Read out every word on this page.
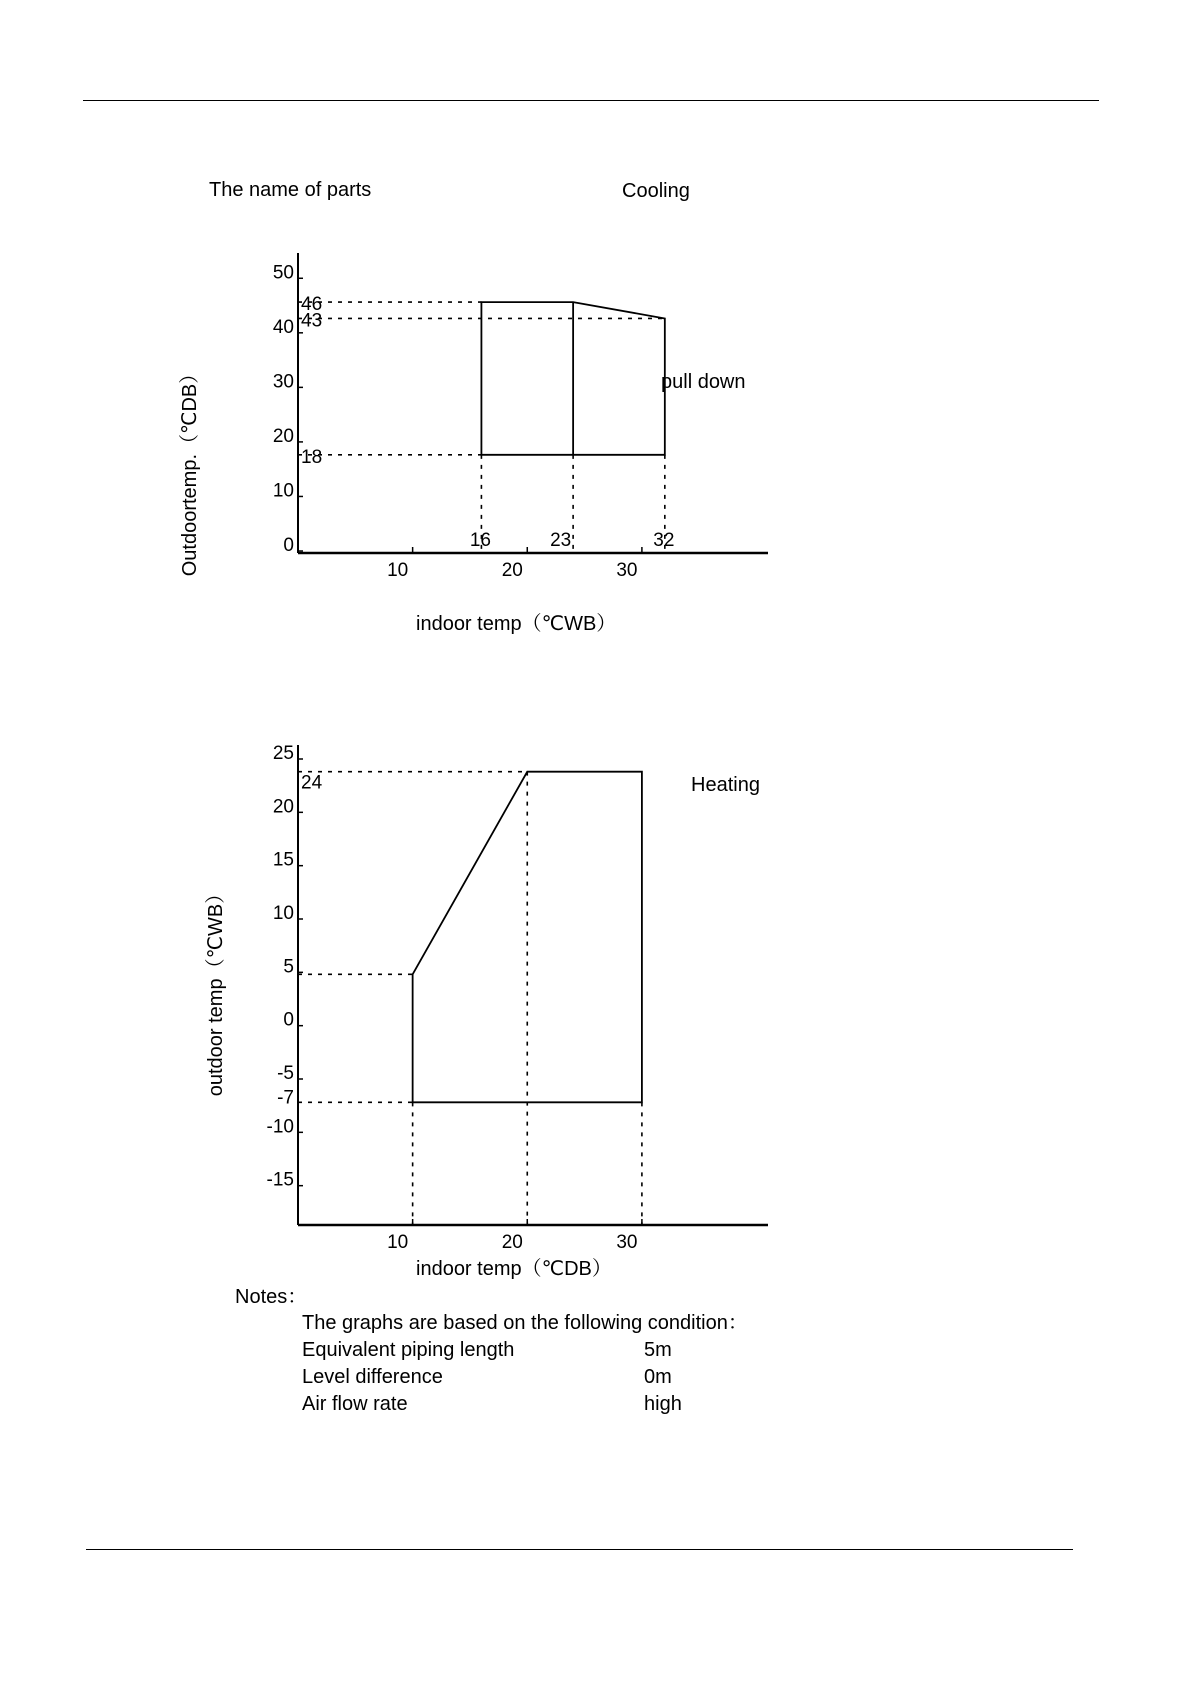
The name of parts	Cooling
0
10
20
30
40
50
10	20	30
18
43
46
16	23	32
pull down
indoor temp（℃WB）
Outdoortemp.（℃DB）
-15
-10
-5
0
5
10
15
20
25
10	20	30
24
-7
Heating
indoor temp（℃DB）
outdoor temp（℃WB）
Notes：
The graphs are based on the following condition：
Equivalent piping length	5m
Level difference	0m
Air flow rate	high
